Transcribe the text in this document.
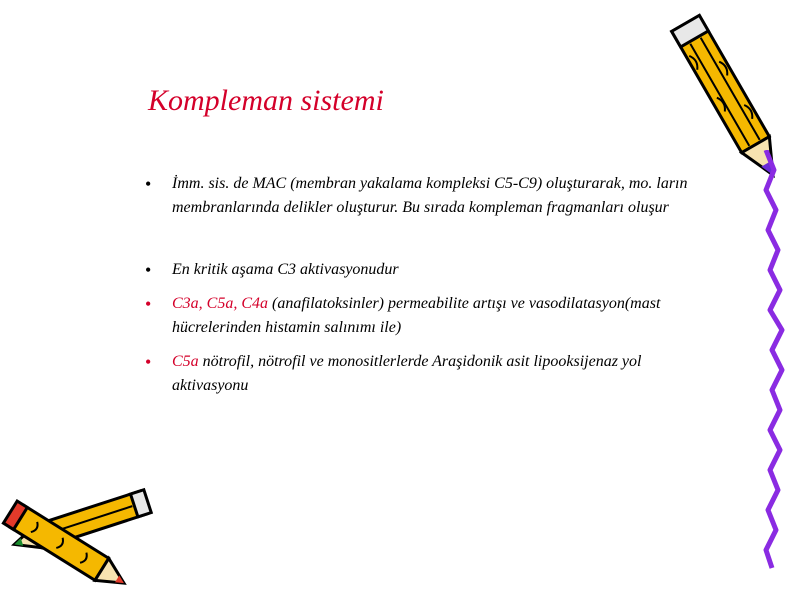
Kompleman sistemi
• İmm. sis. de MAC (membran yakalama kompleksi C5-C9) oluşturarak, mo. ların membranlarında delikler oluşturur. Bu sırada kompleman fragmanları oluşur
• En kritik aşama C3 aktivasyonudur
• C3a, C5a, C4a (anafilatoksinler) permeabilite artışı ve vasodilatasyon(mast hücrelerinden histamin salınımı ile)
• C5a nötrofil, nötrofil ve monositlerlerde Araşidonik asit lipooksijenaz yol aktivasyonu
